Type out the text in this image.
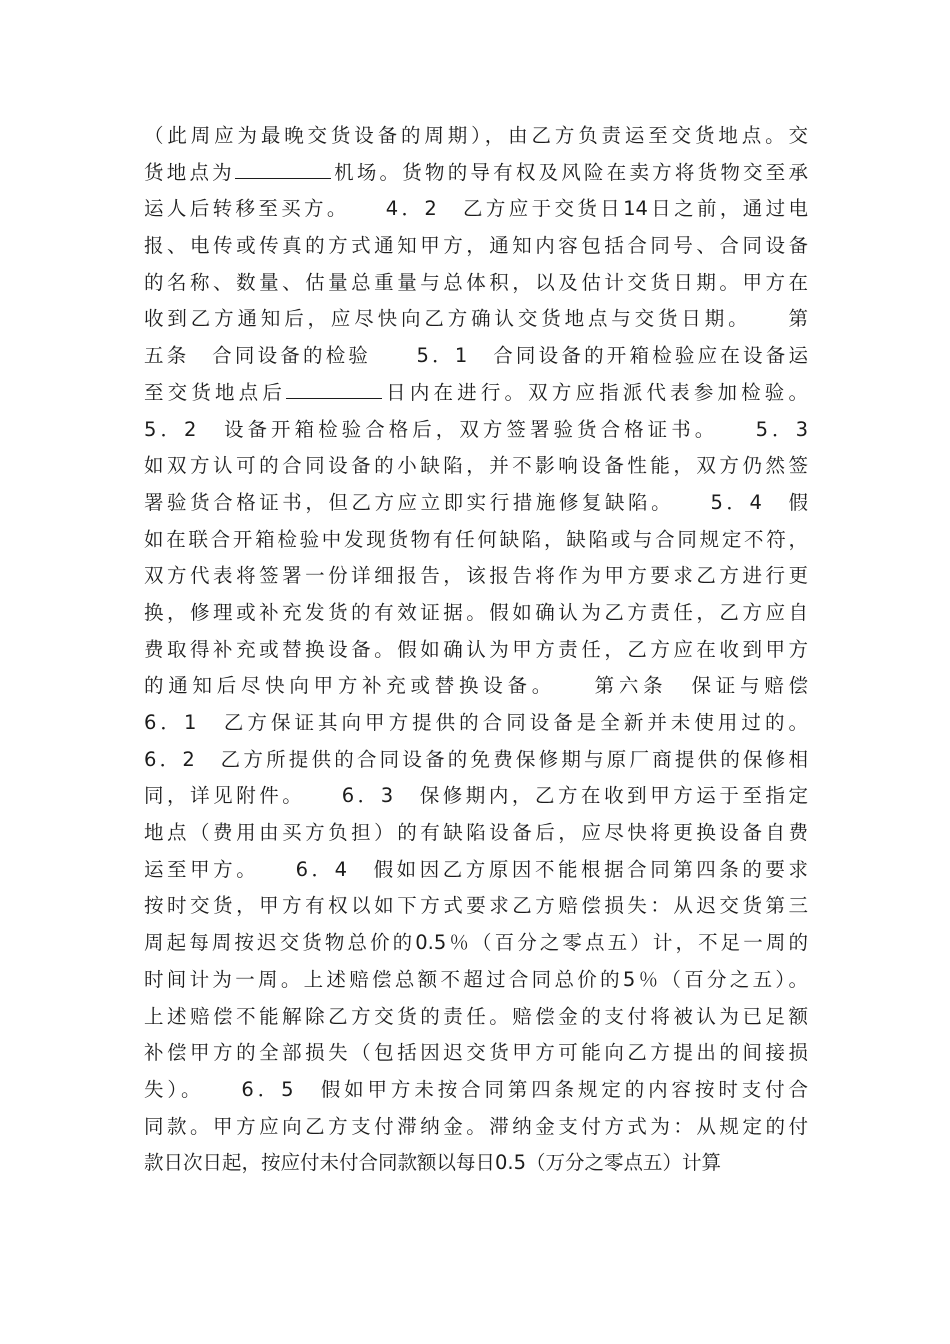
（此周应为最晚交货设备的周期），由乙方负责运至交货地点。交
货地点为	机场。货物的导有权及风险在卖方将货物交至承
运人后转移至买方。　　4．2　乙方应于交货日14日之前，通过电
报、电传或传真的方式通知甲方，通知内容包括合同号、合同设备
的名称、数量、估量总重量与总体积，以及估计交货日期。甲方在
收到乙方通知后，应尽快向乙方确认交货地点与交货日期。　　第
五条　合同设备的检验　　5．1　合同设备的开箱检验应在设备运
至交货地点后	日内在进行。双方应指派代表参加检验。
5．2　设备开箱检验合格后，双方签署验货合格证书。　　5．3
如双方认可的合同设备的小缺陷，并不影响设备性能，双方仍然签
署验货合格证书，但乙方应立即实行措施修复缺陷。　　5．4　假
如在联合开箱检验中发现货物有任何缺陷，缺陷或与合同规定不符，
双方代表将签署一份详细报告，该报告将作为甲方要求乙方进行更
换，修理或补充发货的有效证据。假如确认为乙方责任，乙方应自
费取得补充或替换设备。假如确认为甲方责任，乙方应在收到甲方
的通知后尽快向甲方补充或替换设备。　　第六条　保证与赔偿
6．1　乙方保证其向甲方提供的合同设备是全新并未使用过的。
6．2　乙方所提供的合同设备的免费保修期与原厂商提供的保修相
同，详见附件。　　6．3　保修期内，乙方在收到甲方运于至指定
地点（费用由买方负担）的有缺陷设备后，应尽快将更换设备自费
运至甲方。　　6．4　假如因乙方原因不能根据合同第四条的要求
按时交货，甲方有权以如下方式要求乙方赔偿损失：从迟交货第三
周起每周按迟交货物总价的0.5％（百分之零点五）计，不足一周的
时间计为一周。上述赔偿总额不超过合同总价的5％（百分之五）。
上述赔偿不能解除乙方交货的责任。赔偿金的支付将被认为已足额
补偿甲方的全部损失（包括因迟交货甲方可能向乙方提出的间接损
失）。　　6．5　假如甲方未按合同第四条规定的内容按时支付合
同款。甲方应向乙方支付滞纳金。滞纳金支付方式为：从规定的付
款日次日起，按应付未付合同款额以每日0.5（万分之零点五）计算
